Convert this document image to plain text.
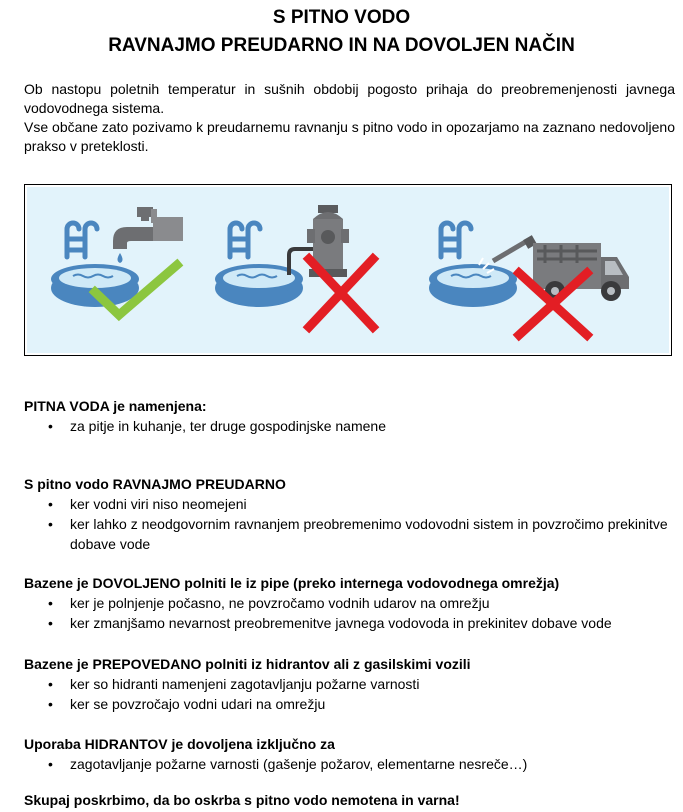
S PITNO VODO
RAVNAJMO PREUDARNO IN NA DOVOLJEN NAČIN

Ob nastopu poletnih temperatur in sušnih obdobij pogosto prihaja do preobremenjenosti javnega vodovodnega sistema.

Vse občane zato pozivamo k preudarnemu ravnanju s pitno vodo in opozarjamo na zaznano nedovoljeno prakso v preteklosti.

PITNA VODA je namenjena:

• za pitje in kuhanje, ter druge gospodinjske namene

S pitno vodo RAVNAJMO PREUDARNO

• ker vodni viri niso neomejeni
• ker lahko z neodgovornim ravnanjem preobremenimo vodovodni sistem in povzročimo prekinitve dobave vode

Bazene je DOVOLJENO polniti le iz pipe (preko internega vodovodnega omrežja)

• ker je polnjenje počasno, ne povzročamo vodnih udarov na omrežju
• ker zmanjšamo nevarnost preobremenitve javnega vodovoda in prekinitev dobave vode

Bazene je PREPOVEDANO polniti iz hidrantov ali z gasilskimi vozili

• ker so hidranti namenjeni zagotavljanju požarne varnosti
• ker se povzročajo vodni udari na omrežju

Uporaba HIDRANTOV je dovoljena izključno za

• zagotavljanje požarne varnosti (gašenje požarov, elementarne nesreče…)
Skupaj poskrbimo, da bo oskrba s pitno vodo nemotena in varna!
